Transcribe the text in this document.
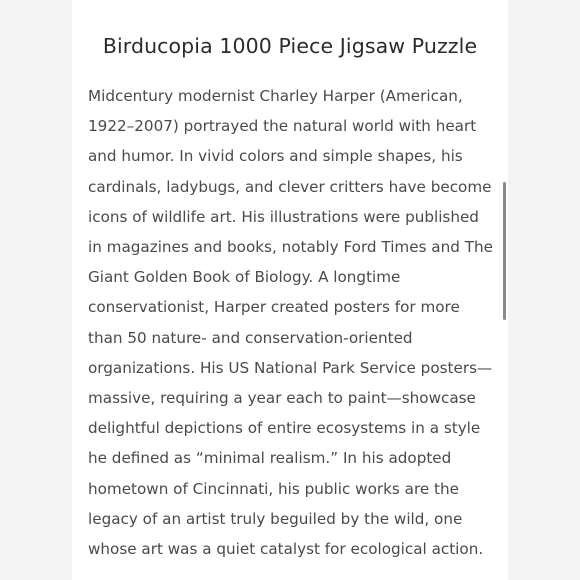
Birducopia 1000 Piece Jigsaw Puzzle
Midcentury modernist Charley Harper (American,
1922–2007) portrayed the natural world with heart
and humor. In vivid colors and simple shapes, his
cardinals, ladybugs, and clever critters have become
icons of wildlife art. His illustrations were published
in magazines and books, notably Ford Times and The
Giant Golden Book of Biology. A longtime
conservationist, Harper created posters for more
than 50 nature- and conservation-oriented
organizations. His US National Park Service posters—
massive, requiring a year each to paint—showcase
delightful depictions of entire ecosystems in a style
he defined as “minimal realism.” In his adopted
hometown of Cincinnati, his public works are the
legacy of an artist truly beguiled by the wild, one
whose art was a quiet catalyst for ecological action.
